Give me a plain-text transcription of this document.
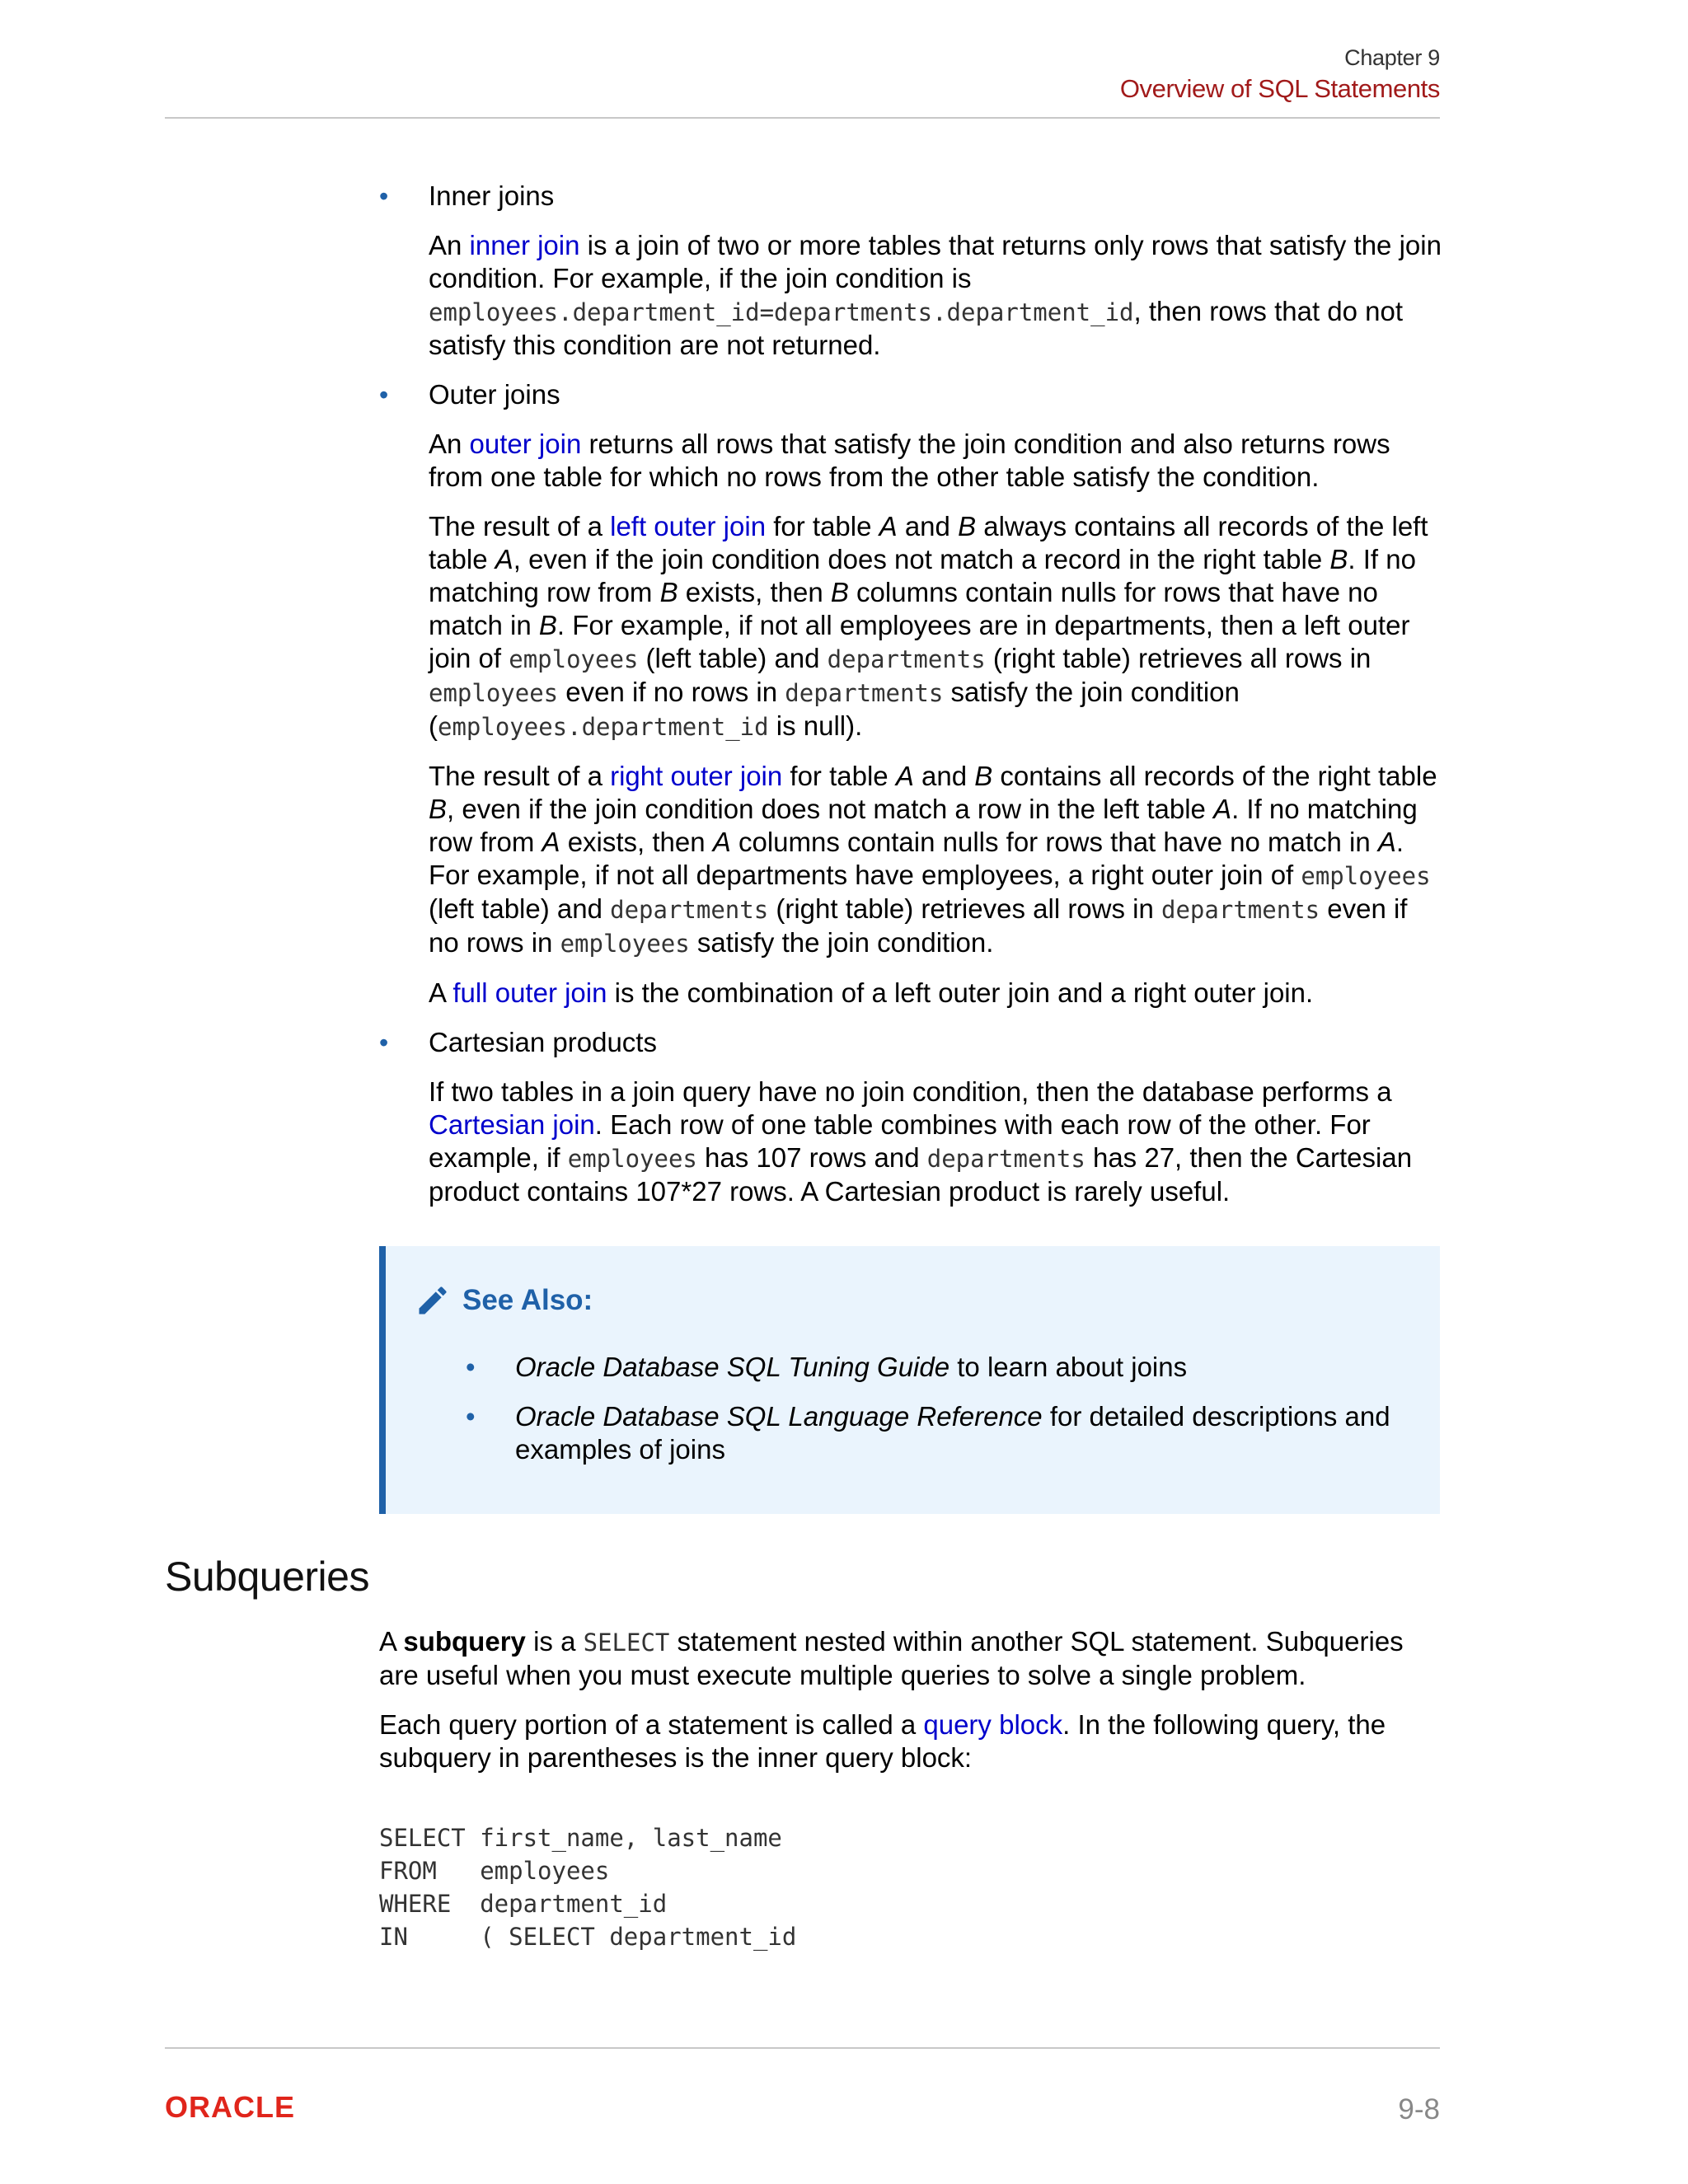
Chapter 9
Overview of SQL Statements
• Inner joins

An inner join is a join of two or more tables that returns only rows that satisfy the join condition. For example, if the join condition is employees.department_id=departments.department_id, then rows that do not satisfy this condition are not returned.

• Outer joins

An outer join returns all rows that satisfy the join condition and also returns rows from one table for which no rows from the other table satisfy the condition.

The result of a left outer join for table A and B always contains all records of the left table A, even if the join condition does not match a record in the right table B. If no matching row from B exists, then B columns contain nulls for rows that have no match in B. For example, if not all employees are in departments, then a left outer join of employees (left table) and departments (right table) retrieves all rows in employees even if no rows in departments satisfy the join condition (employees.department_id is null).

The result of a right outer join for table A and B contains all records of the right table B, even if the join condition does not match a row in the left table A. If no matching row from A exists, then A columns contain nulls for rows that have no match in A. For example, if not all departments have employees, a right outer join of employees (left table) and departments (right table) retrieves all rows in departments even if no rows in employees satisfy the join condition.

A full outer join is the combination of a left outer join and a right outer join.

• Cartesian products

If two tables in a join query have no join condition, then the database performs a Cartesian join. Each row of one table combines with each row of the other. For example, if employees has 107 rows and departments has 27, then the Cartesian product contains 107*27 rows. A Cartesian product is rarely useful.

See Also:
• Oracle Database SQL Tuning Guide to learn about joins
• Oracle Database SQL Language Reference for detailed descriptions and examples of joins
Subqueries

A subquery is a SELECT statement nested within another SQL statement. Subqueries are useful when you must execute multiple queries to solve a single problem.

Each query portion of a statement is called a query block. In the following query, the subquery in parentheses is the inner query block:

SELECT first_name, last_name
FROM   employees
WHERE  department_id
IN     ( SELECT department_id
ORACLE	9-8
